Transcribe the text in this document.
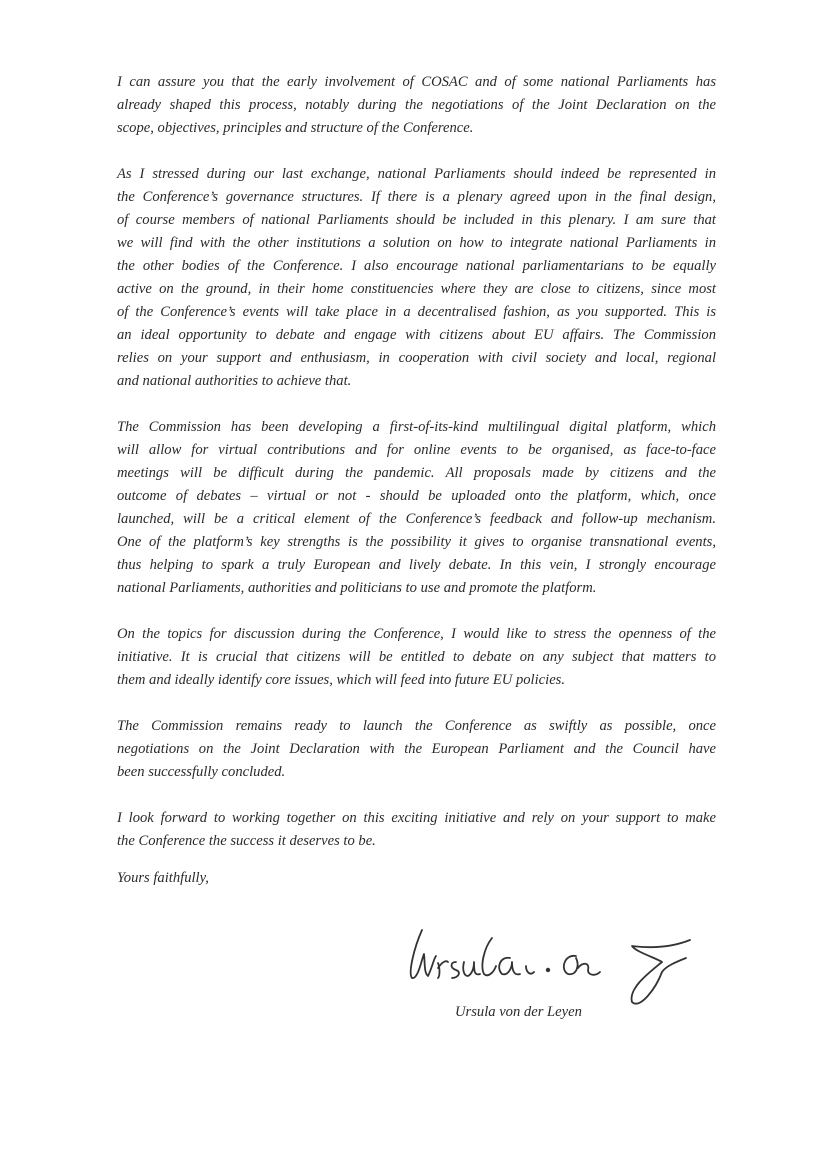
I can assure you that the early involvement of COSAC and of some national Parliaments has
already shaped this process, notably during the negotiations of the Joint Declaration on the
scope, objectives, principles and structure of the Conference.

As I stressed during our last exchange, national Parliaments should indeed be represented in
the Conference’s governance structures. If there is a plenary agreed upon in the final design,
of course members of national Parliaments should be included in this plenary. I am sure that
we will find with the other institutions a solution on how to integrate national Parliaments in
the other bodies of the Conference. I also encourage national parliamentarians to be equally
active on the ground, in their home constituencies where they are close to citizens, since most
of the Conference’s events will take place in a decentralised fashion, as you supported. This is
an ideal opportunity to debate and engage with citizens about EU affairs. The Commission
relies on your support and enthusiasm, in cooperation with civil society and local, regional
and national authorities to achieve that.

The Commission has been developing a first-of-its-kind multilingual digital platform, which
will allow for virtual contributions and for online events to be organised, as face-to-face
meetings will be difficult during the pandemic. All proposals made by citizens and the
outcome of debates – virtual or not - should be uploaded onto the platform, which, once
launched, will be a critical element of the Conference’s feedback and follow-up mechanism.
One of the platform’s key strengths is the possibility it gives to organise transnational events,
thus helping to spark a truly European and lively debate. In this vein, I strongly encourage
national Parliaments, authorities and politicians to use and promote the platform.

On the topics for discussion during the Conference, I would like to stress the openness of the
initiative. It is crucial that citizens will be entitled to debate on any subject that matters to
them and ideally identify core issues, which will feed into future EU policies.

The Commission remains ready to launch the Conference as swiftly as possible, once
negotiations on the Joint Declaration with the European Parliament and the Council have
been successfully concluded.

I look forward to working together on this exciting initiative and rely on your support to make
the Conference the success it deserves to be.

Yours faithfully,
Ursula von der Leyen
